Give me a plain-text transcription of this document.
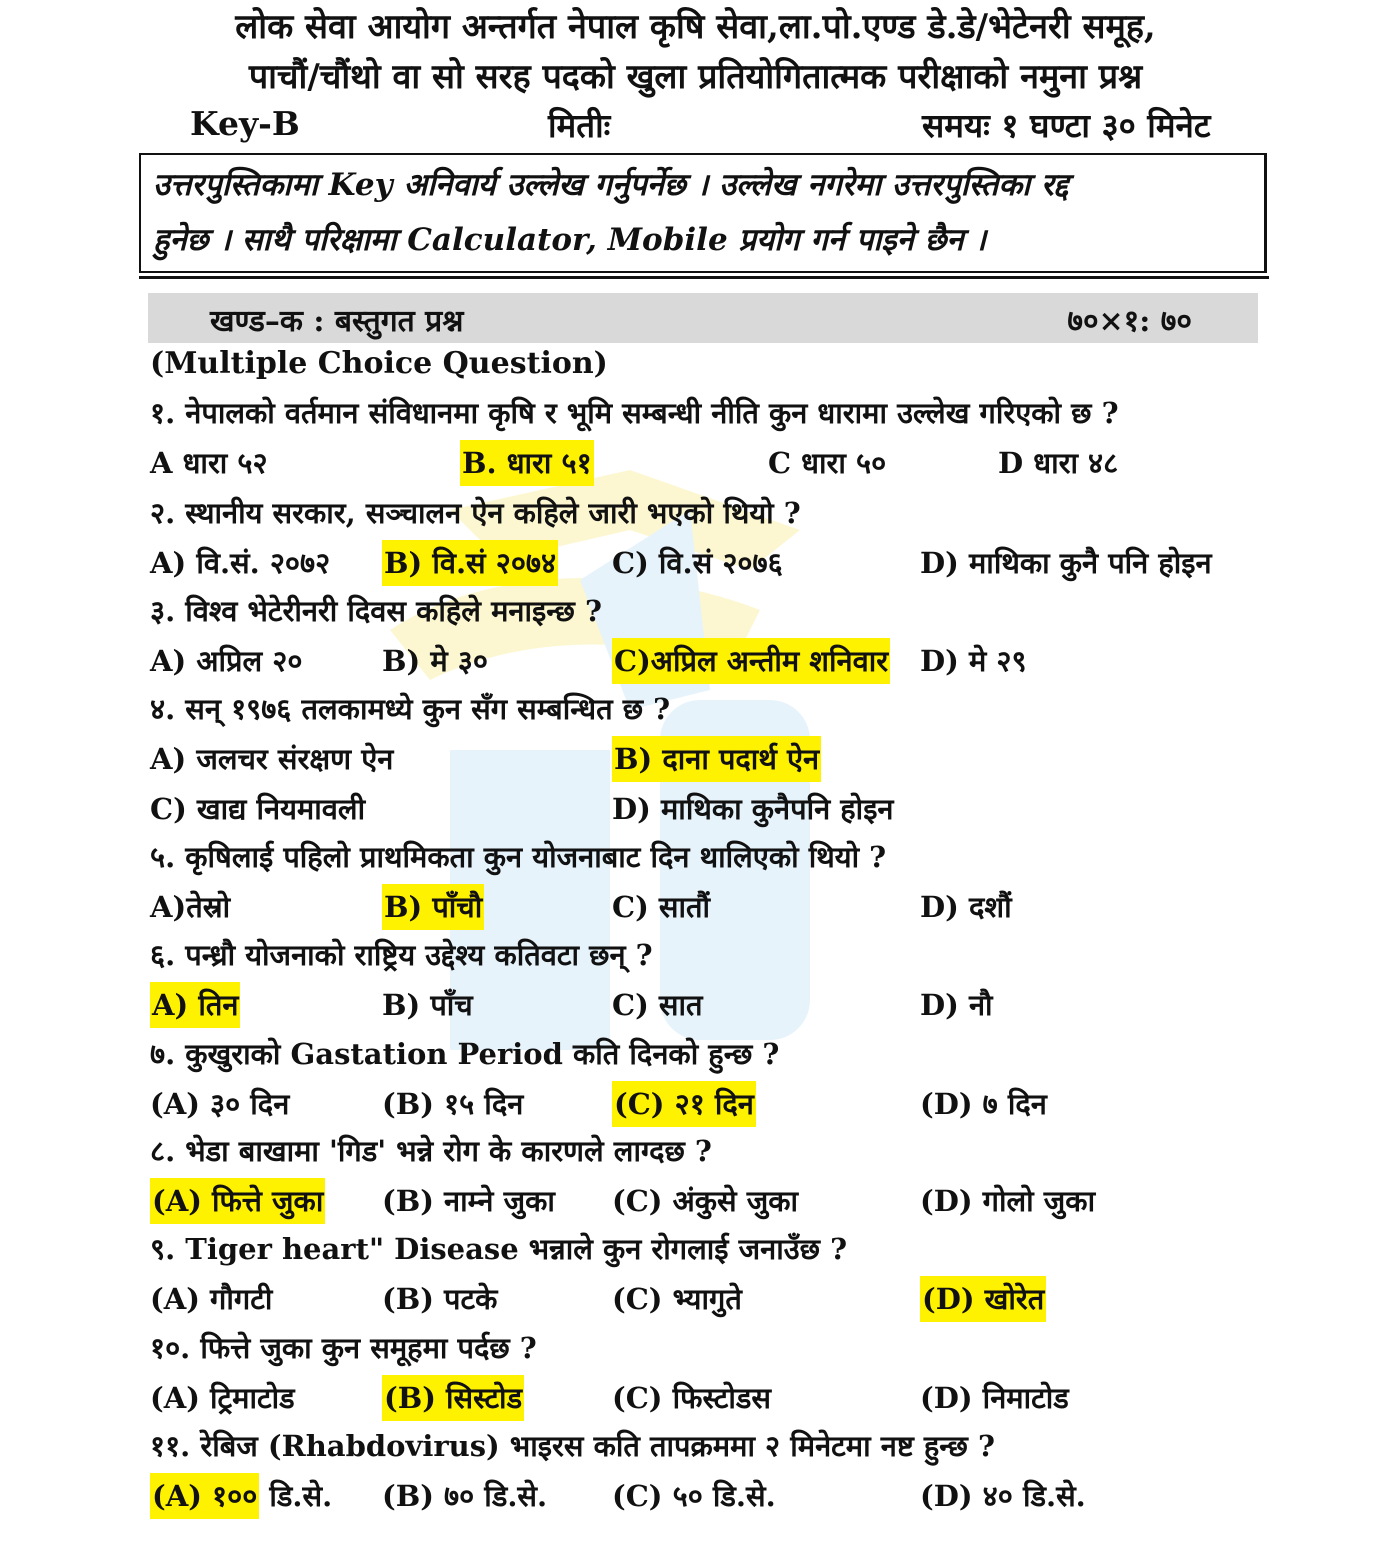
लोक सेवा आयोग अन्तर्गत नेपाल कृषि सेवा,ला.पो.एण्ड डे.डे/भेटेनरी समूह,
पाचौं/चौंथो वा सो सरह पदको खुला प्रतियोगितात्मक परीक्षाको नमुना प्रश्न
Key-B	मितीः	समयः १ घण्टा ३० मिनेट
उत्तरपुस्तिकामा Key अनिवार्य उल्लेख गर्नुपर्नेछ । उल्लेख नगरेमा उत्तरपुस्तिका रद्द
हुनेछ । साथै परिक्षामा Calculator, Mobile प्रयोग गर्न पाइने छैन ।
खण्ड–क : बस्तुगत प्रश्न	७०×१: ७०
(Multiple Choice Question)
१. नेपालको वर्तमान संविधानमा कृषि र भूमि सम्बन्धी नीति कुन धारामा उल्लेख गरिएको छ ?
A धारा ५२	B. धारा ५१	C धारा ५०	D धारा ४८
२. स्थानीय सरकार, सञ्चालन ऐन कहिले जारी भएको थियो ?
A) वि.सं. २०७२ B) वि.सं २०७४ C) वि.सं २०७६	D) माथिका कुनै पनि होइन
३. विश्व भेटेरीनरी दिवस कहिले मनाइन्छ ?
A) अप्रिल २०	B) मे ३०	C)अप्रिल अन्तीम शनिवार D) मे २९
४. सन् १९७६ तलकामध्ये कुन सँग सम्बन्धित छ ?
A) जलचर संरक्षण ऐन	B) दाना पदार्थ ऐन
C) खाद्य नियमावली	D) माथिका कुनैपनि होइन
५. कृषिलाई पहिलो प्राथमिकता कुन योजनाबाट दिन थालिएको थियो ?
A)तेस्रो	B) पाँचौ	C) सातौं	D) दशौं
६. पन्ध्रौ योजनाको राष्ट्रिय उद्देश्य कतिवटा छन् ?
A) तिन	B) पाँच	C) सात	D) नौ
७. कुखुराको Gastation Period कति दिनको हुन्छ ?
(A) ३० दिन	(B) १५ दिन	(C) २१ दिन	(D) ७ दिन
८. भेडा बाखामा 'गिड' भन्ने रोग के कारणले लाग्दछ ?
(A) फित्ते जुका (B) नाम्ने जुका (C) अंकुसे जुका	(D) गोलो जुका
९. Tiger heart" Disease भन्नाले कुन रोगलाई जनाउँछ ?
(A) गौगटी	(B) पटके	(C) भ्यागुते	(D) खोरेत
१०. फित्ते जुका कुन समूहमा पर्दछ ?
(A) ट्रिमाटोड	(B) सिस्टोड	(C) फिस्टोडस	(D) निमाटोड
११. रेबिज (Rhabdovirus) भाइरस कति तापक्रममा २ मिनेटमा नष्ट हुन्छ ?
(A) १०० डि.से. (B) ७० डि.से. (C) ५० डि.से.	(D) ४० डि.से.
